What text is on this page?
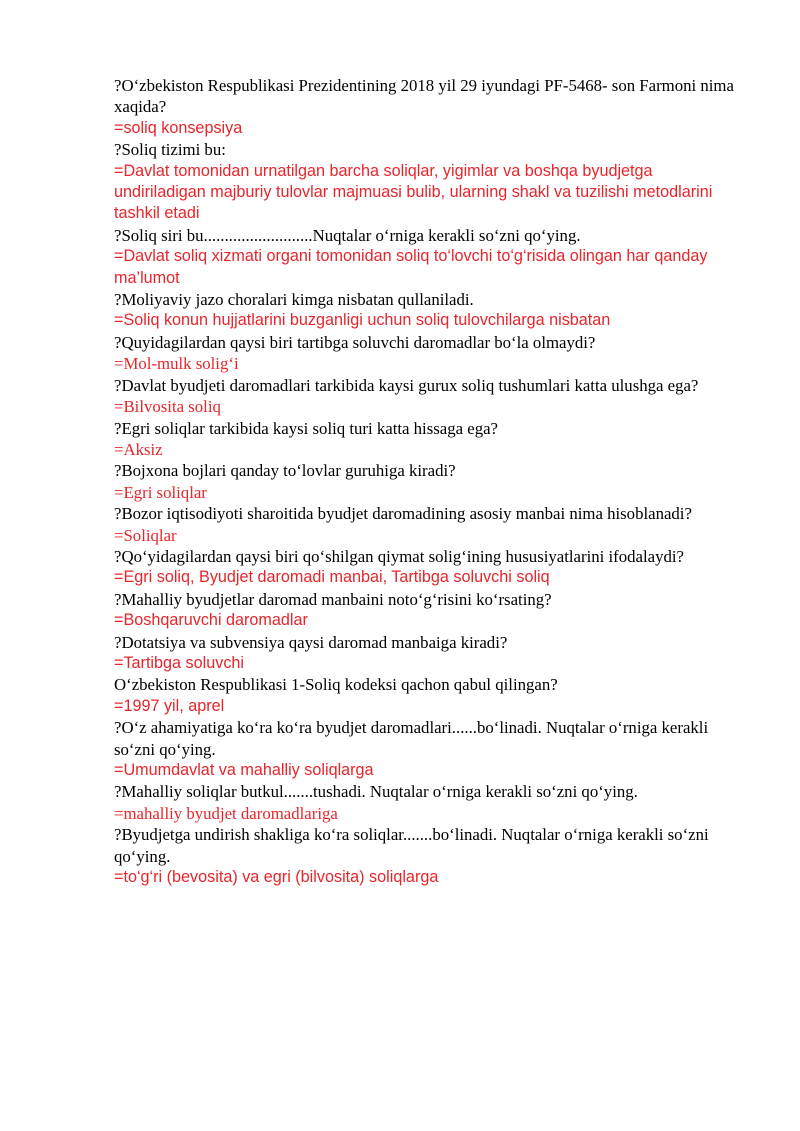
?O‘zbekiston Respublikasi Prezidentining 2018 yil 29 iyundagi PF-5468- son Farmoni nima xaqida?

=soliq konsepsiya

?Soliq tizimi bu:

=Davlat tomonidan urnatilgan barcha soliqlar, yigimlar va boshqa byudjetga undiriladigan majburiy tulovlar majmuasi bulib, ularning shakl va tuzilishi metodlarini tashkil etadi

?Soliq siri bu..........................Nuqtalar o‘rniga kerakli so‘zni qo‘ying.

=Davlat soliq xizmati organi tomonidan soliq to‘lovchi to‘g‘risida olingan har qanday ma’lumot

?Moliyaviy jazo choralari kimga nisbatan qullaniladi.

=Soliq konun hujjatlarini buzganligi uchun soliq tulovchilarga nisbatan

?Quyidagilardan qaysi biri tartibga soluvchi daromadlar bo‘la olmaydi?

=Mol-mulk solig‘i

?Davlat byudjeti daromadlari tarkibida kaysi gurux soliq tushumlari katta ulushga ega?

=Bilvosita soliq

?Egri soliqlar tarkibida kaysi soliq turi katta hissaga ega?

=Aksiz

?Bojxona bojlari qanday to‘lovlar guruhiga kiradi?

=Egri soliqlar

?Bozor iqtisodiyoti sharoitida byudjet daromadining asosiy manbai nima hisoblanadi?

=Soliqlar

?Qo‘yidagilardan qaysi biri qo‘shilgan qiymat solig‘ining hususiyatlarini ifodalaydi?

=Egri soliq, Byudjet daromadi manbai, Tartibga soluvchi soliq

?Mahalliy byudjetlar daromad manbaini noto‘g‘risini ko‘rsating?

=Boshqaruvchi daromadlar

?Dotatsiya va subvensiya qaysi daromad manbaiga kiradi?

=Tartibga soluvchi

O‘zbekiston Respublikasi 1-Soliq kodeksi qachon qabul qilingan?

=1997 yil, aprel

?O‘z ahamiyatiga ko‘ra ko‘ra byudjet daromadlari......bo‘linadi. Nuqtalar o‘rniga kerakli so‘zni qo‘ying.

=Umumdavlat va mahalliy soliqlarga

?Mahalliy soliqlar butkul.......tushadi. Nuqtalar o‘rniga kerakli so‘zni qo‘ying.

=mahalliy byudjet daromadlariga

?Byudjetga undirish shakliga ko‘ra soliqlar.......bo‘linadi. Nuqtalar o‘rniga kerakli so‘zni qo‘ying.

=to‘g‘ri (bevosita) va egri (bilvosita) soliqlarga
